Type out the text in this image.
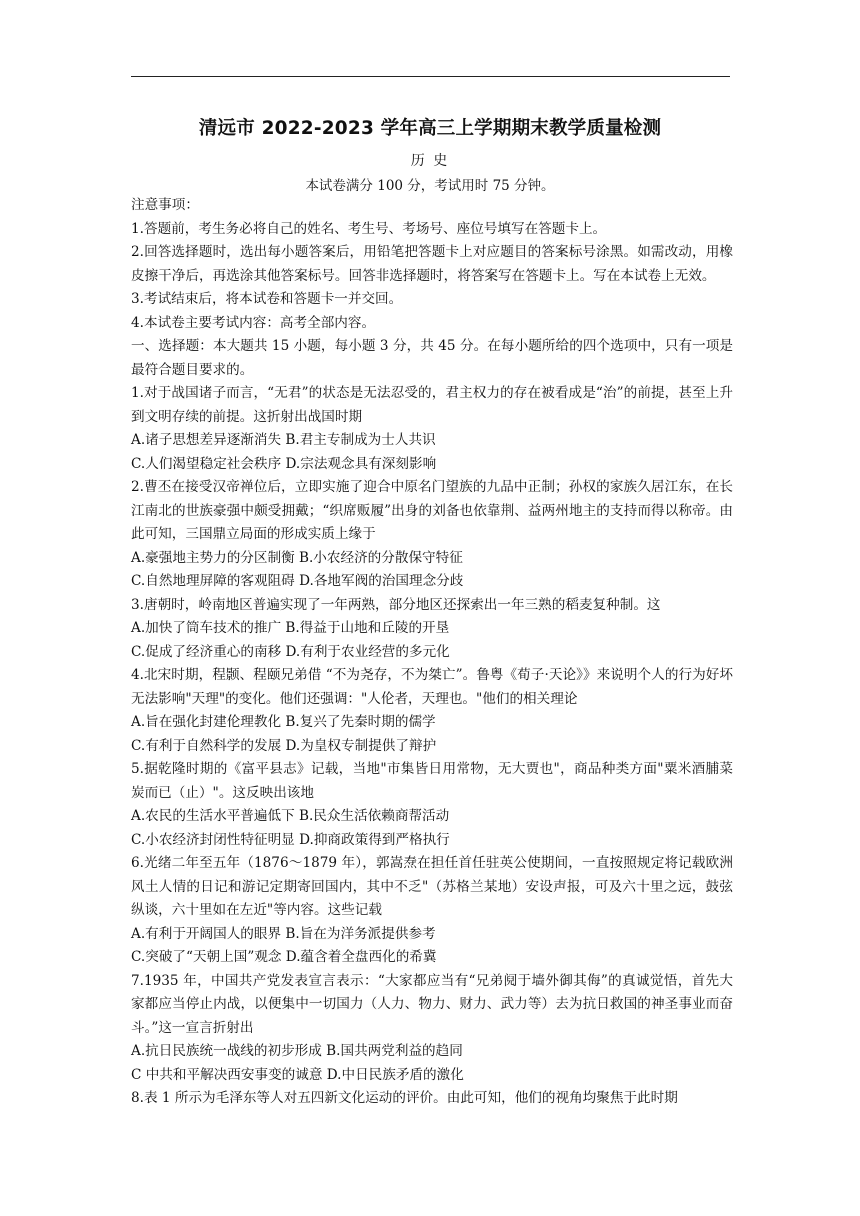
清远市 2022-2023 学年高三上学期期末教学质量检测
历 史
本试卷满分 100 分，考试用时 75 分钟。

注意事项：

1.答题前，考生务必将自己的姓名、考生号、考场号、座位号填写在答题卡上。

2.回答选择题时，选出每小题答案后，用铅笔把答题卡上对应题目的答案标号涂黑。如需改动，用橡皮擦干净后，再选涂其他答案标号。回答非选择题时，将答案写在答题卡上。写在本试卷上无效。

3.考试结束后，将本试卷和答题卡一并交回。

4.本试卷主要考试内容：高考全部内容。

一、选择题：本大题共 15 小题，每小题 3 分，共 45 分。在每小题所给的四个选项中，只有一项是最符合题目要求的。

1.对于战国诸子而言，“无君”的状态是无法忍受的，君主权力的存在被看成是“治”的前提，甚至上升到文明存续的前提。这折射出战国时期

A.诸子思想差异逐渐消失 B.君主专制成为士人共识

C.人们渴望稳定社会秩序 D.宗法观念具有深刻影响

2.曹丕在接受汉帝禅位后，立即实施了迎合中原名门望族的九品中正制；孙权的家族久居江东，在长江南北的世族豪强中颇受拥戴；“织席贩履”出身的刘备也依靠荆、益两州地主的支持而得以称帝。由此可知，三国鼎立局面的形成实质上缘于

A.豪强地主势力的分区制衡 B.小农经济的分散保守特征

C.自然地理屏障的客观阻碍 D.各地军阀的治国理念分歧

3.唐朝时，岭南地区普遍实现了一年两熟，部分地区还探索出一年三熟的稻麦复种制。这

A.加快了筒车技术的推广 B.得益于山地和丘陵的开垦

C.促成了经济重心的南移 D.有利于农业经营的多元化

4.北宋时期，程颢、程颐兄弟借 “不为尧存，不为桀亡”。鲁粤《荀子·天论》》来说明个人的行为好坏无法影响"天理"的变化。他们还强调："人伦者，天理也。"他们的相关理论

A.旨在强化封建伦理教化 B.复兴了先秦时期的儒学

C.有利于自然科学的发展 D.为皇权专制提供了辩护

5.据乾隆时期的《富平县志》记载，当地"市集皆日用常物，无大贾也"，商品种类方面"粟米酒脯菜炭而已（止）"。这反映出该地

A.农民的生活水平普遍低下 B.民众生活依赖商帮活动

C.小农经济封闭性特征明显 D.抑商政策得到严格执行

6.光绪二年至五年（1876～1879 年），郭嵩焘在担任首任驻英公使期间，一直按照规定将记载欧洲风土人情的日记和游记定期寄回国内，其中不乏"（苏格兰某地）安设声报，可及六十里之远，鼓弦纵谈，六十里如在左近"等内容。这些记载

A.有利于开阔国人的眼界 B.旨在为洋务派提供参考

C.突破了“天朝上国”观念 D.蕴含着全盘西化的希冀

7.1935 年，中国共产党发表宣言表示：“大家都应当有“兄弟阋于墙外御其侮”的真诚觉悟，首先大家都应当停止内战，以便集中一切国力（人力、物力、财力、武力等）去为抗日救国的神圣事业而奋斗。”这一宣言折射出

A.抗日民族统一战线的初步形成 B.国共两党利益的趋同

C 中共和平解决西安事变的诚意 D.中日民族矛盾的激化

8.表 1 所示为毛泽东等人对五四新文化运动的评价。由此可知，他们的视角均聚焦于此时期
